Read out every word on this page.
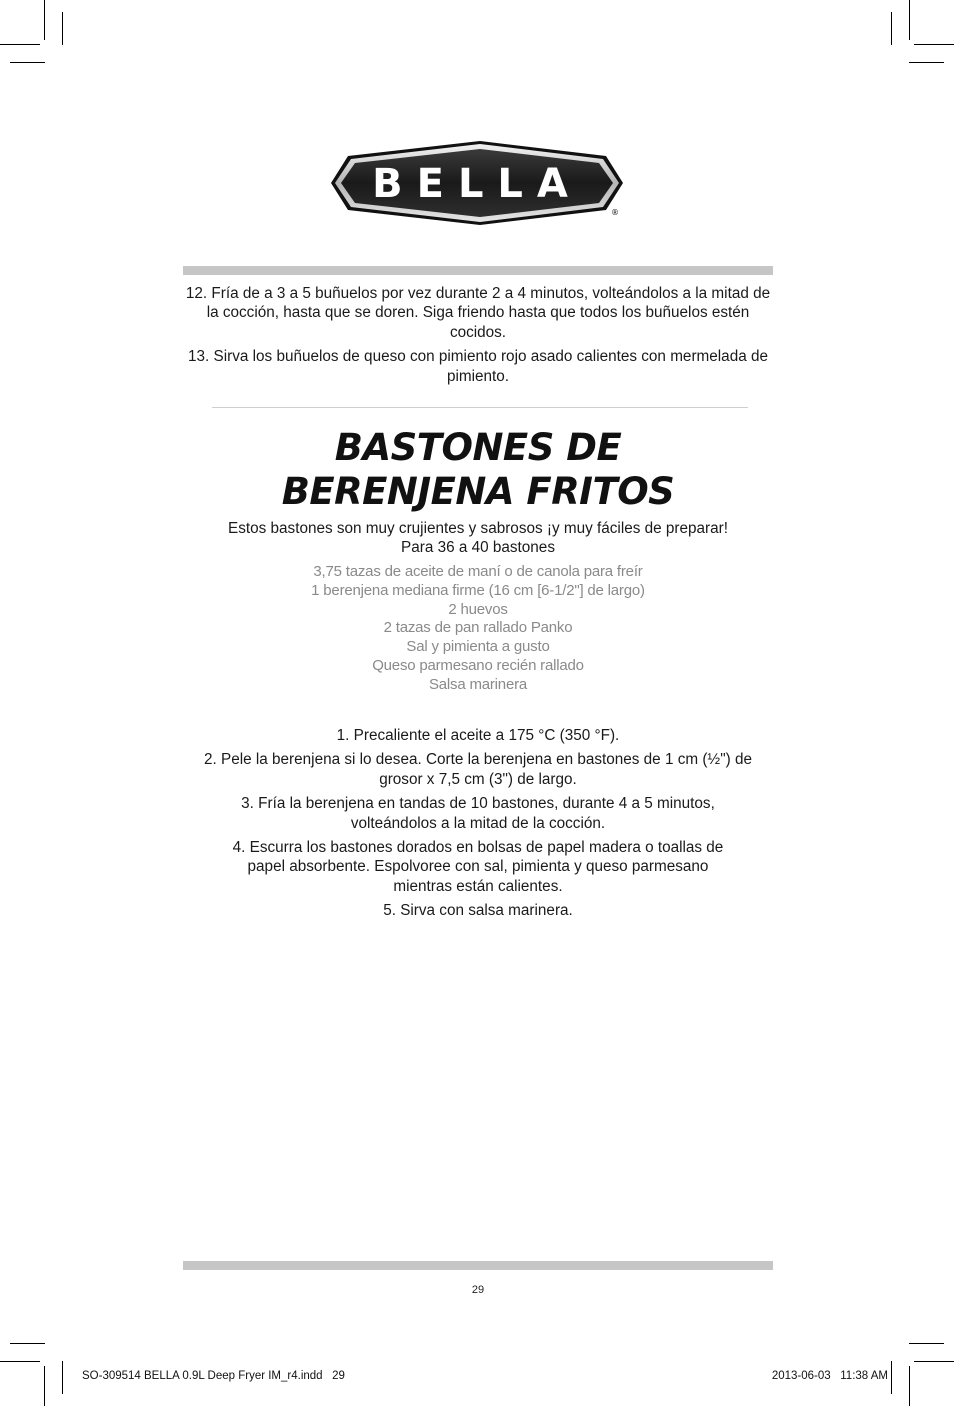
BELLA
®

12. Fría de a 3 a 5 buñuelos por vez durante 2 a 4 minutos, volteándolos a la mitad de la cocción, hasta que se doren. Siga friendo hasta que todos los buñuelos estén cocidos.

13. Sirva los buñuelos de queso con pimiento rojo asado calientes con mermelada de pimiento.

BASTONES DE
BERENJENA FRITOS
Estos bastones son muy crujientes y sabrosos ¡y muy fáciles de preparar!
Para 36 a 40 bastones
3,75 tazas de aceite de maní o de canola para freír
1 berenjena mediana firme (16 cm [6-1/2"] de largo)
2 huevos
2 tazas de pan rallado Panko
Sal y pimienta a gusto
Queso parmesano recién rallado
Salsa marinera

1. Precaliente el aceite a 175 °C (350 °F).

2. Pele la berenjena si lo desea. Corte la berenjena en bastones de 1 cm (½") de grosor x 7,5 cm (3") de largo.

3. Fría la berenjena en tandas de 10 bastones, durante 4 a 5 minutos, volteándolos a la mitad de la cocción.

4. Escurra los bastones dorados en bolsas de papel madera o toallas de papel absorbente. Espolvoree con sal, pimienta y queso parmesano mientras están calientes.

5. Sirva con salsa marinera.

29
SO-309514 BELLA 0.9L Deep Fryer IM_r4.indd   29	2013-06-03   11:38 AM
